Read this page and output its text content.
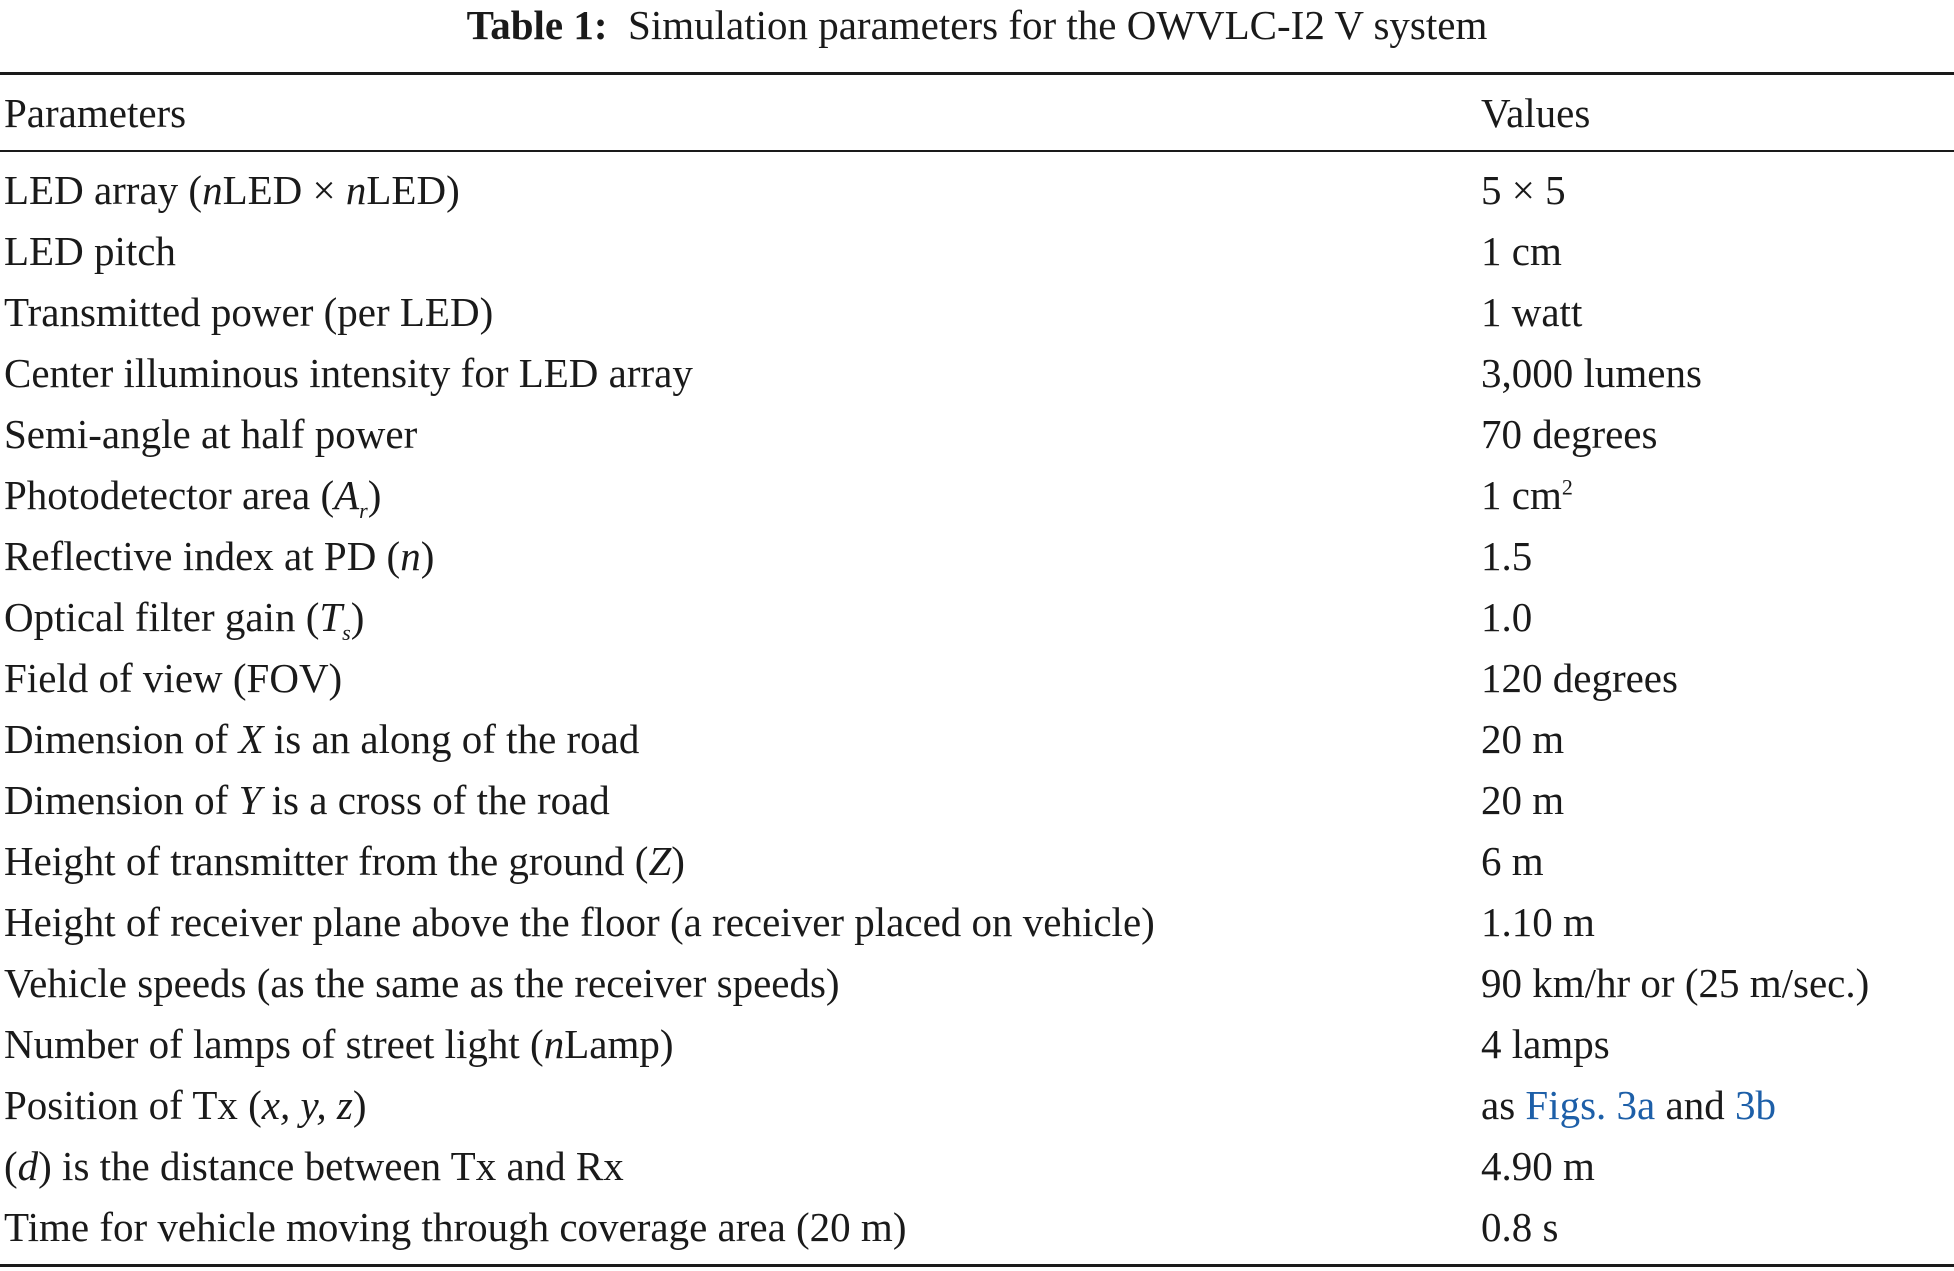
Table 1: Simulation parameters for the OWVLC-I2 V system
Parameters	Values
LED array (nLED × nLED)	5 × 5
LED pitch	1 cm
Transmitted power (per LED)	1 watt
Center illuminous intensity for LED array	3,000 lumens
Semi-angle at half power	70 degrees
Photodetector area $(A_r)$	1 $cm^2$
Reflective index at PD (n)	1.5
Optical filter gain $(T_s)$	1.0
Field of view (FOV)	120 degrees
Dimension of X is an along of the road	20 m
Dimension of Y is a cross of the road	20 m
Height of transmitter from the ground (Z)	6 m
Height of receiver plane above the floor (a receiver placed on vehicle)	1.10 m
Vehicle speeds (as the same as the receiver speeds)	90 km/hr or (25 m/sec.)
Number of lamps of street light (nLamp)	4 lamps
Position of Tx (x, y, z)	as Figs. 3a and 3b
(d) is the distance between Tx and Rx	4.90 m
Time for vehicle moving through coverage area (20 m)	0.8 s
